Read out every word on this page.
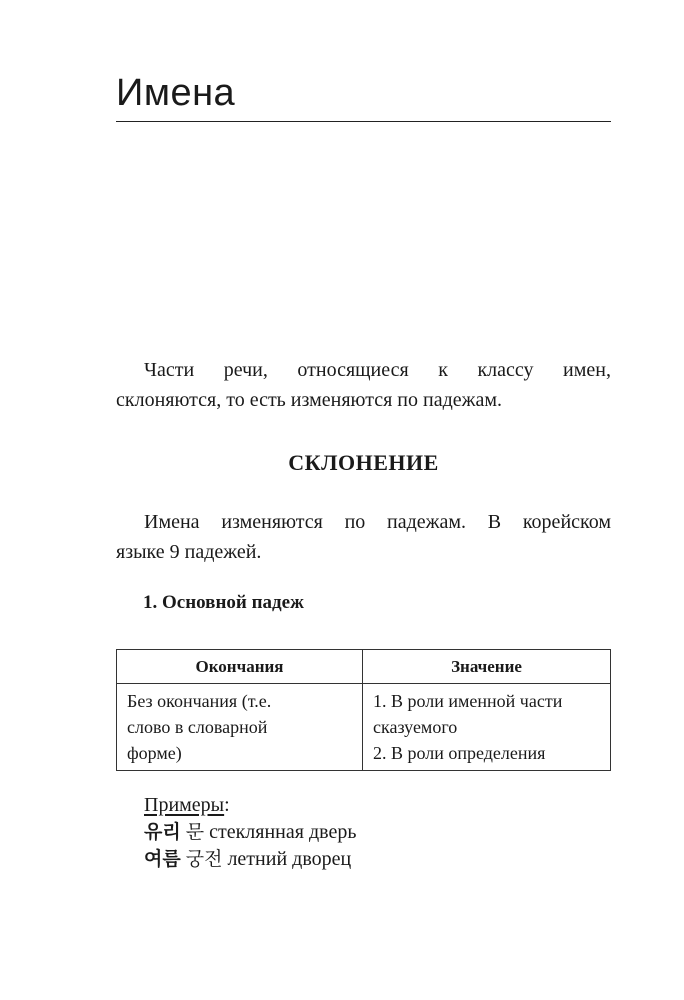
Имена

Части речи, относящиеся к классу имен,
склоняются, то есть изменяются по падежам.

СКЛОНЕНИЕ

Имена изменяются по падежам. В корейском
языке 9 падежей.

1. Основной падеж
Окончания	Значение

Без окончания (т.е.
слово в словарной
форме)	1. В роли именной части
сказуемого
2. В роли определения
Примеры:
유리 문 стеклянная дверь
여름 궁전 летний дворец
